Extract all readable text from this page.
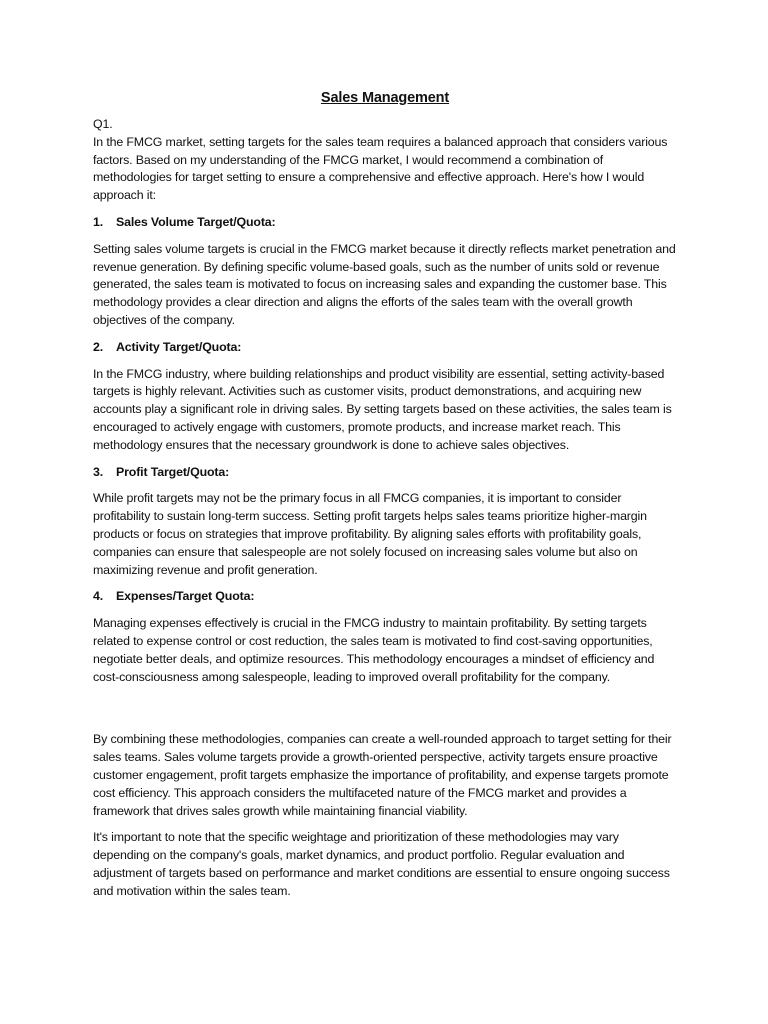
Sales Management

Q1.

In the FMCG market, setting targets for the sales team requires a balanced approach that considers various factors. Based on my understanding of the FMCG market, I would recommend a combination of methodologies for target setting to ensure a comprehensive and effective approach. Here's how I would approach it:

1.	Sales Volume Target/Quota:

Setting sales volume targets is crucial in the FMCG market because it directly reflects market penetration and revenue generation. By defining specific volume-based goals, such as the number of units sold or revenue generated, the sales team is motivated to focus on increasing sales and expanding the customer base. This methodology provides a clear direction and aligns the efforts of the sales team with the overall growth objectives of the company.

2.	Activity Target/Quota:

In the FMCG industry, where building relationships and product visibility are essential, setting activity-based targets is highly relevant. Activities such as customer visits, product demonstrations, and acquiring new accounts play a significant role in driving sales. By setting targets based on these activities, the sales team is encouraged to actively engage with customers, promote products, and increase market reach. This methodology ensures that the necessary groundwork is done to achieve sales objectives.

3.	Profit Target/Quota:

While profit targets may not be the primary focus in all FMCG companies, it is important to consider profitability to sustain long-term success. Setting profit targets helps sales teams prioritize higher-margin products or focus on strategies that improve profitability. By aligning sales efforts with profitability goals, companies can ensure that salespeople are not solely focused on increasing sales volume but also on maximizing revenue and profit generation.

4.	Expenses/Target Quota:

Managing expenses effectively is crucial in the FMCG industry to maintain profitability. By setting targets related to expense control or cost reduction, the sales team is motivated to find cost-saving opportunities, negotiate better deals, and optimize resources. This methodology encourages a mindset of efficiency and cost-consciousness among salespeople, leading to improved overall profitability for the company.

By combining these methodologies, companies can create a well-rounded approach to target setting for their sales teams. Sales volume targets provide a growth-oriented perspective, activity targets ensure proactive customer engagement, profit targets emphasize the importance of profitability, and expense targets promote cost efficiency. This approach considers the multifaceted nature of the FMCG market and provides a framework that drives sales growth while maintaining financial viability.

It's important to note that the specific weightage and prioritization of these methodologies may vary depending on the company's goals, market dynamics, and product portfolio. Regular evaluation and adjustment of targets based on performance and market conditions are essential to ensure ongoing success and motivation within the sales team.
